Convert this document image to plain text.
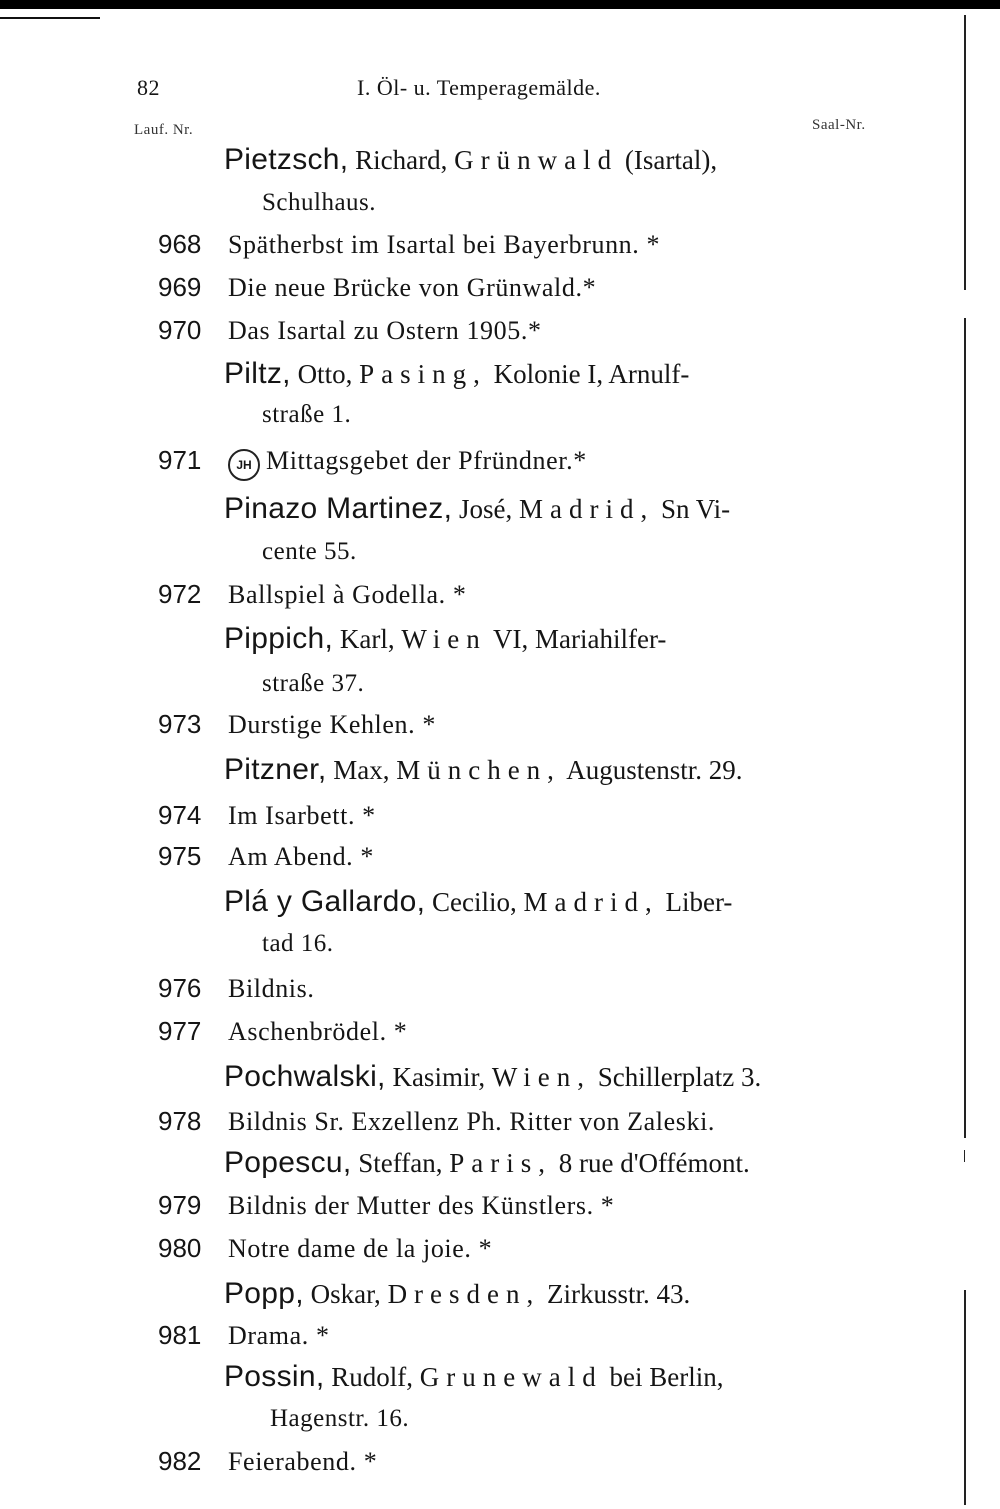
82	I. Öl- u. Temperagemälde.
Lauf. Nr.	Saal-Nr.
Pietzsch, Richard, Grünwald (Isartal),
Schulhaus.
968 Spätherbst im Isartal bei Bayerbrunn. *
969 Die neue Brücke von Grünwald.*
970 Das Isartal zu Ostern 1905.*
Piltz, Otto, Pasing, Kolonie I, Arnulf-
straße 1.
971	JH Mittagsgebet der Pfründner.*
Pinazo Martinez, José, Madrid, Sn Vi-
cente 55.
972 Ballspiel à Godella. *
Pippich, Karl, Wien VI, Mariahilfer-
straße 37.
973 Durstige Kehlen. *
Pitzner, Max, München, Augustenstr. 29.
974 Im Isarbett. *
975 Am Abend. *
Plá y Gallardo, Cecilio, Madrid, Liber-
tad 16.
976 Bildnis.
977 Aschenbrödel. *
Pochwalski, Kasimir, Wien, Schillerplatz 3.
978 Bildnis Sr. Exzellenz Ph. Ritter von Zaleski.
Popescu, Steffan, Paris, 8 rue d'Offémont.
979 Bildnis der Mutter des Künstlers. *
980 Notre dame de la joie. *
Popp, Oskar, Dresden, Zirkusstr. 43.
981 Drama. *
Possin, Rudolf, Grunewald bei Berlin,
Hagenstr. 16.
982 Feierabend. *
